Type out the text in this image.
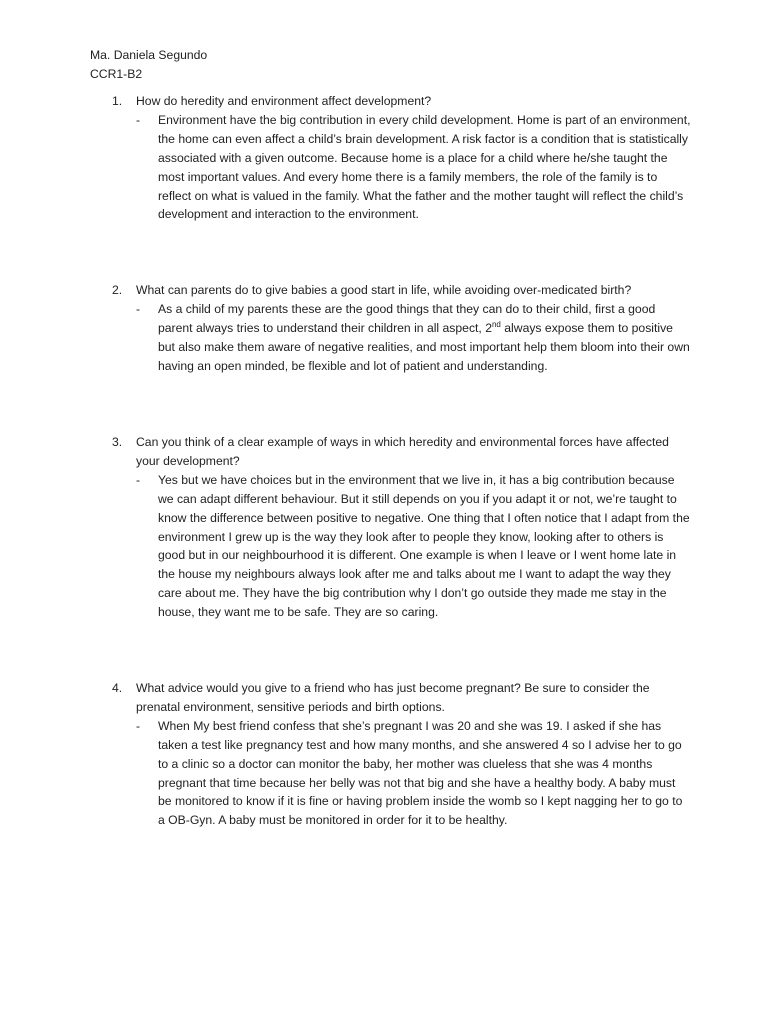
Ma. Daniela Segundo
CCR1-B2
1.	How do heredity and environment affect development?
-	Environment have the big contribution in every child development. Home is part of an environment, the home can even affect a child’s brain development. A risk factor is a condition that is statistically associated with a given outcome. Because home is a place for a child where he/she taught the most important values. And every home there is a family members, the role of the family is to reflect on what is valued in the family. What the father and the mother taught will reflect the child’s development and interaction to the environment.
2.	What can parents do to give babies a good start in life, while avoiding over-medicated birth?
-	As a child of my parents these are the good things that they can do to their child, first a good parent always tries to understand their children in all aspect, 2nd always expose them to positive but also make them aware of negative realities, and most important help them bloom into their own having an open minded, be flexible and lot of patient and understanding.
3.	Can you think of a clear example of ways in which heredity and environmental forces have affected your development?
-	Yes but we have choices but in the environment that we live in, it has a big contribution because we can adapt different behaviour. But it still depends on you if you adapt it or not, we’re taught to know the difference between positive to negative. One thing that I often notice that I adapt from the environment I grew up is the way they look after to people they know, looking after to others is good but in our neighbourhood it is different. One example is when I leave or I went home late in the house my neighbours always look after me and talks about me I want to adapt the way they care about me. They have the big contribution why I don’t go outside they made me stay in the house, they want me to be safe. They are so caring.
4.	What advice would you give to a friend who has just become pregnant? Be sure to consider the prenatal environment, sensitive periods and birth options.
-	When My best friend confess that she’s pregnant I was 20 and she was 19. I asked if she has taken a test like pregnancy test and how many months, and she answered 4 so I advise her to go to a clinic so a doctor can monitor the baby, her mother was clueless that she was 4 months pregnant that time because her belly was not that big and she have a healthy body. A baby must be monitored to know if it is fine or having problem inside the womb so I kept nagging her to go to a OB-Gyn. A baby must be monitored in order for it to be healthy.
